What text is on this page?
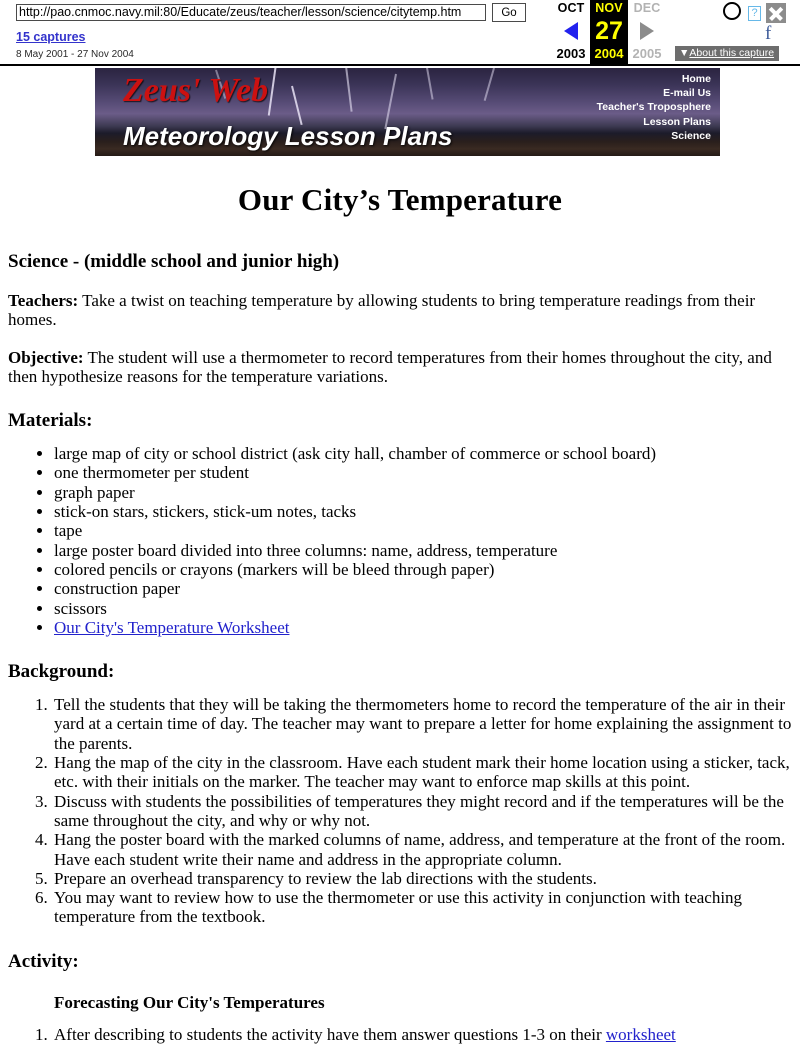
http://pao.cnmoc.navy.mil:80/Educate/zeus/teacher/lesson/science/citytemp.htm
Go
15 captures
8 May 2001 - 27 Nov 2004
OCT
2003
NOV
27
2004
DEC
2005
?
f
▼About this capture
Zeus' Web
Meteorology Lesson Plans
Home
E-mail Us
Teacher's Troposphere
Lesson Plans
Science
Our City’s Temperature
Science - (middle school and junior high)

Teachers: Take a twist on teaching temperature by allowing students to bring temperature readings from their homes.

Objective: The student will use a thermometer to record temperatures from their homes throughout the city, and then hypothesize reasons for the temperature variations.

Materials:
• large map of city or school district (ask city hall, chamber of commerce or school board)
• one thermometer per student
• graph paper
• stick-on stars, stickers, stick-um notes, tacks
• tape
• large poster board divided into three columns: name, address, temperature
• colored pencils or crayons (markers will be bleed through paper)
• construction paper
• scissors
• Our City's Temperature Worksheet
Background:
1. Tell the students that they will be taking the thermometers home to record the temperature of the air in their yard at a certain time of day. The teacher may want to prepare a letter for home explaining the assignment to the parents.
2. Hang the map of the city in the classroom. Have each student mark their home location using a sticker, tack, etc. with their initials on the marker. The teacher may want to enforce map skills at this point.
3. Discuss with students the possibilities of temperatures they might record and if the temperatures will be the same throughout the city, and why or why not.
4. Hang the poster board with the marked columns of name, address, and temperature at the front of the room. Have each student write their name and address in the appropriate column.
5. Prepare an overhead transparency to review the lab directions with the students.
6. You may want to review how to use the thermometer or use this activity in conjunction with teaching temperature from the textbook.
Activity:
Forecasting Our City's Temperatures
1. After describing to students the activity have them answer questions 1-3 on their worksheet
